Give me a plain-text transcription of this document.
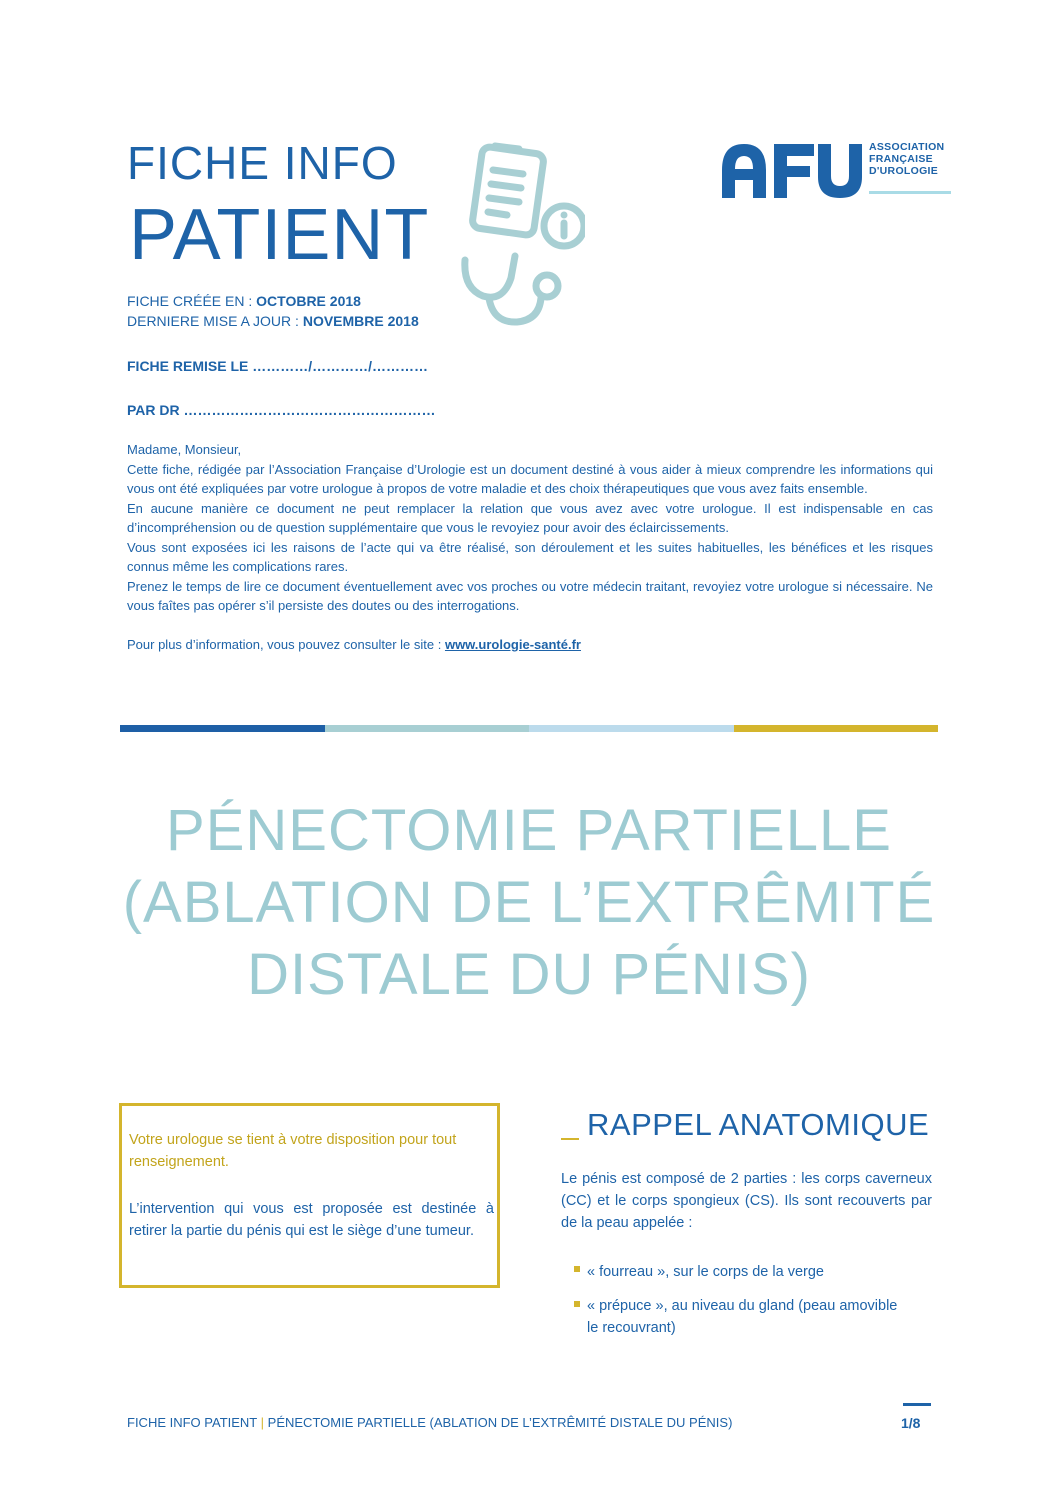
FICHE INFO
PATIENT
FICHE CRÉÉE EN : OCTOBRE 2018
DERNIERE MISE A JOUR : NOVEMBRE 2018
FICHE REMISE LE …………/…………/…………
PAR DR ………………………………………………
ASSOCIATION
FRANÇAISE
D'UROLOGIE

Madame, Monsieur,

Cette fiche, rédigée par l’Association Française d’Urologie est un document destiné à vous aider à mieux comprendre les informations qui vous ont été expliquées par votre urologue à propos de votre maladie et des choix thérapeutiques que vous avez faits ensemble.

En aucune manière ce document ne peut remplacer la relation que vous avez avec votre urologue. Il est indispensable en cas d’incompréhension ou de question supplémentaire que vous le revoyiez pour avoir des éclaircissements.

Vous sont exposées ici les raisons de l’acte qui va être réalisé, son déroulement et les suites habituelles, les bénéfices et les risques connus même les complications rares.

Prenez le temps de lire ce document éventuellement avec vos proches ou votre médecin traitant, revoyiez votre urologue si nécessaire. Ne vous faîtes pas opérer s’il persiste des doutes ou des interrogations.

Pour plus d’information, vous pouvez consulter le site : www.urologie-santé.fr

PÉNECTOMIE PARTIELLE
(ABLATION DE L’EXTRÊMITÉ
DISTALE DU PÉNIS)
Votre urologue se tient à votre disposition pour tout renseignement.
L’intervention qui vous est proposée est destinée à retirer la partie du pénis qui est le siège d’une tumeur.
RAPPEL ANATOMIQUE
Le pénis est composé de 2 parties : les corps caverneux (CC) et le corps spongieux (CS). Ils sont recouverts par de la peau appelée :
« fourreau », sur le corps de la verge
« prépuce », au niveau du gland (peau amovible le recouvrant)
FICHE INFO PATIENT | PÉNECTOMIE PARTIELLE (ABLATION DE L’EXTRÊMITÉ DISTALE DU PÉNIS)	1/8
